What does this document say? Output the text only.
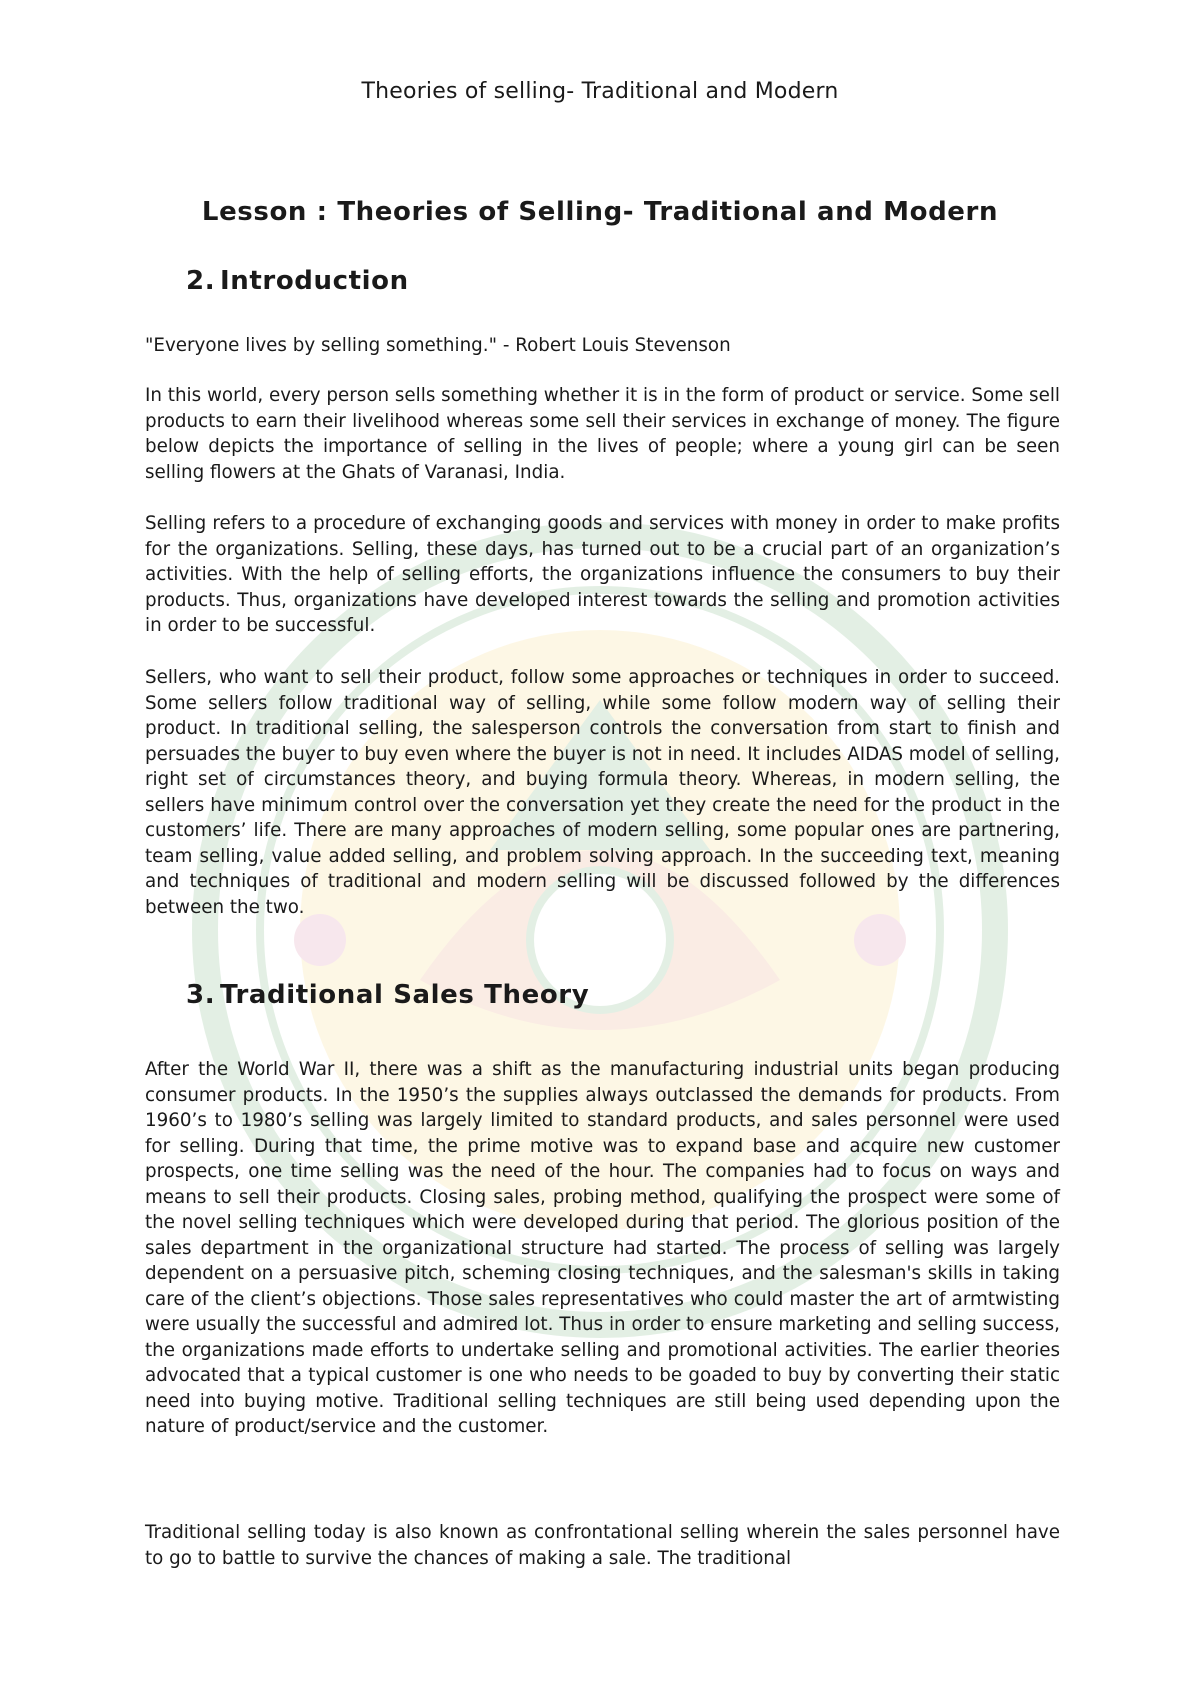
Theories of selling- Traditional and Modern
Lesson : Theories of Selling- Traditional and Modern
2. Introduction

"Everyone lives by selling something." - Robert Louis Stevenson

In this world, every person sells something whether it is in the form of product or service. Some sell products to earn their livelihood whereas some sell their services in exchange of money. The figure below depicts the importance of selling in the lives of people; where a young girl can be seen selling flowers at the Ghats of Varanasi, India.

Selling refers to a procedure of exchanging goods and services with money in order to make profits for the organizations. Selling, these days, has turned out to be a crucial part of an organization’s activities. With the help of selling efforts, the organizations influence the consumers to buy their products. Thus, organizations have developed interest towards the selling and promotion activities in order to be successful.

Sellers, who want to sell their product, follow some approaches or techniques in order to succeed. Some sellers follow traditional way of selling, while some follow modern way of selling their product. In traditional selling, the salesperson controls the conversation from start to finish and persuades the buyer to buy even where the buyer is not in need. It includes AIDAS model of selling, right set of circumstances theory, and buying formula theory. Whereas, in modern selling, the sellers have minimum control over the conversation yet they create the need for the product in the customers’ life. There are many approaches of modern selling, some popular ones are partnering, team selling, value added selling, and problem solving approach. In the succeeding text, meaning and techniques of traditional and modern selling will be discussed followed by the differences between the two.

3. Traditional Sales Theory

After the World War II, there was a shift as the manufacturing industrial units began producing consumer products. In the 1950’s the supplies always outclassed the demands for products. From 1960’s to 1980’s selling was largely limited to standard products, and sales personnel were used for selling. During that time, the prime motive was to expand base and acquire new customer prospects, one time selling was the need of the hour. The companies had to focus on ways and means to sell their products. Closing sales, probing method, qualifying the prospect were some of the novel selling techniques which were developed during that period. The glorious position of the sales department in the organizational structure had started. The process of selling was largely dependent on a persuasive pitch, scheming closing techniques, and the salesman's skills in taking care of the client’s objections. Those sales representatives who could master the art of armtwisting were usually the successful and admired lot. Thus in order to ensure marketing and selling success, the organizations made efforts to undertake selling and promotional activities. The earlier theories advocated that a typical customer is one who needs to be goaded to buy by converting their static need into buying motive. Traditional selling techniques are still being used depending upon the nature of product/service and the customer.

Traditional selling today is also known as confrontational selling wherein the sales personnel have to go to battle to survive the chances of making a sale. The traditional
